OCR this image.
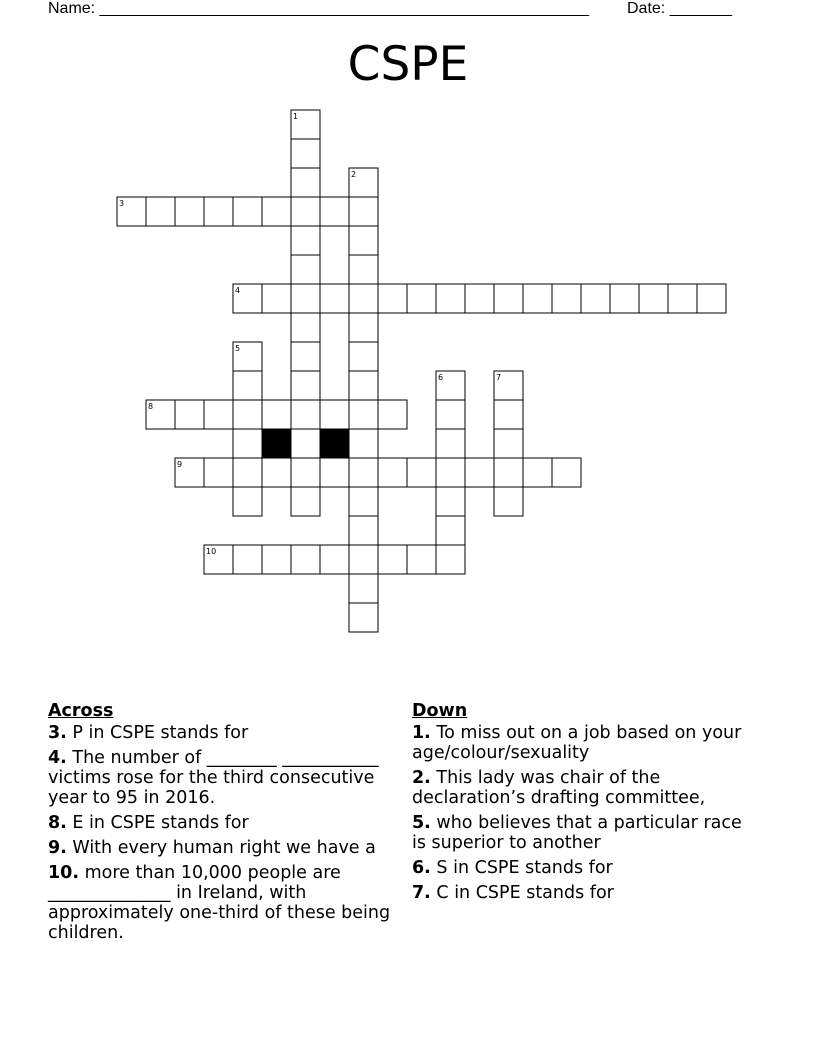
Name: _______________________________________________________ Date: _______
CSPE
1
2
3
4
5
6	7
8
9
10
Across
3. P in CSPE stands for
4. The number of ________ ___________ victims rose for the third consecutive year to 95 in 2016.
8. E in CSPE stands for
9. With every human right we have a
10. more than 10,000 people are ______________ in Ireland, with approximately one-third of these being children.
Down
1. To miss out on a job based on your age/colour/sexuality
2. This lady was chair of the declaration’s drafting committee,
5. who believes that a particular race is superior to another
6. S in CSPE stands for
7. C in CSPE stands for
